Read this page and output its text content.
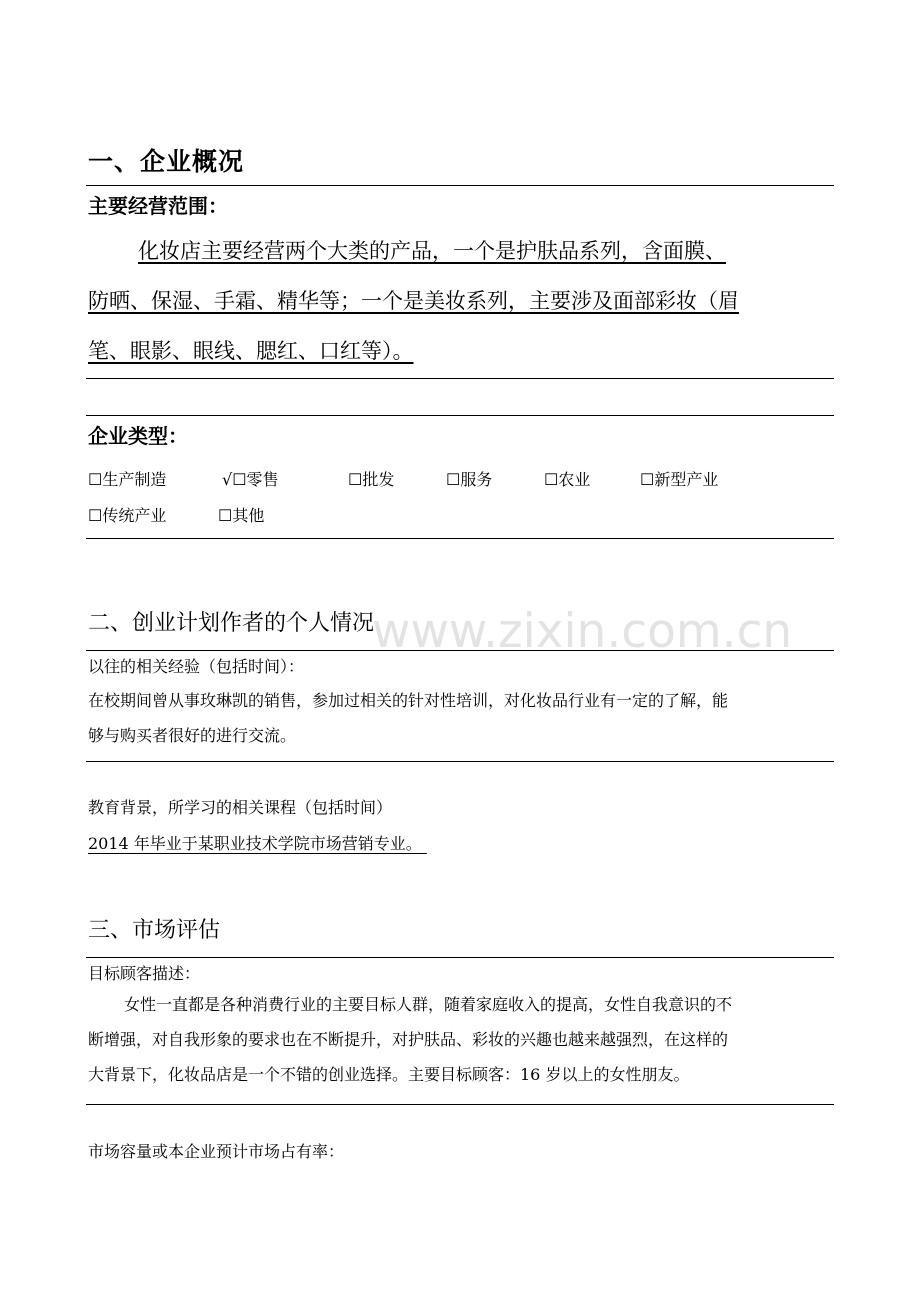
一、企业概况
主要经营范围：
化妆店主要经营两个大类的产品，一个是护肤品系列，含面膜、
防晒、保湿、手霜、精华等；一个是美妆系列，主要涉及面部彩妆（眉
笔、眼影、眼线、腮红、口红等）。
企业类型：
☐生产制造	√☐零售	☐批发	☐服务	☐农业	☐新型产业
☐传统产业	☐其他
www.zixin.com.cn
二、创业计划作者的个人情况
以往的相关经验（包括时间）：
在校期间曾从事玫琳凯的销售，参加过相关的针对性培训，对化妆品行业有一定的了解，能
够与购买者很好的进行交流。
教育背景，所学习的相关课程（包括时间）
2014 年毕业于某职业技术学院市场营销专业。
三、市场评估
目标顾客描述：
女性一直都是各种消费行业的主要目标人群，随着家庭收入的提高，女性自我意识的不
断增强，对自我形象的要求也在不断提升，对护肤品、彩妆的兴趣也越来越强烈，在这样的
大背景下，化妆品店是一个不错的创业选择。主要目标顾客：16 岁以上的女性朋友。
市场容量或本企业预计市场占有率：
